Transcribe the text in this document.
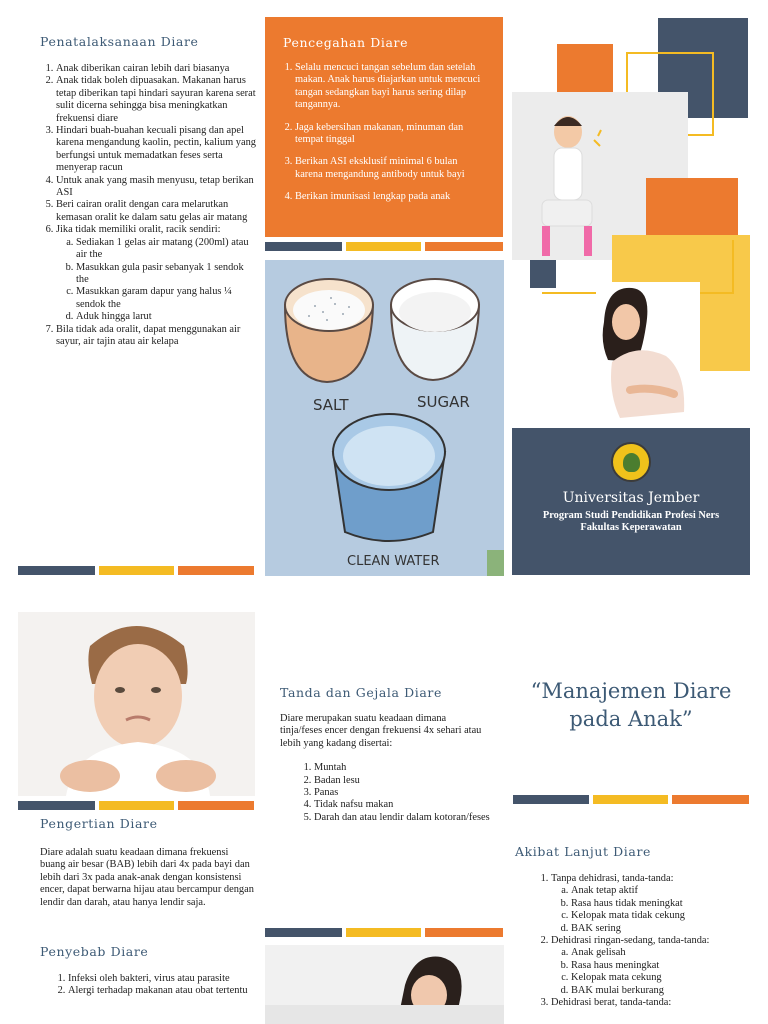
Penatalaksanaan Diare
1. Anak diberikan cairan lebih dari biasanya
2. Anak tidak boleh dipuasakan. Makanan harus tetap diberikan tapi hindari sayuran karena serat sulit dicerna sehingga bisa meningkatkan frekuensi diare
3. Hindari buah-buahan kecuali pisang dan apel karena mengandung kaolin, pectin, kalium yang berfungsi untuk memadatkan feses serta menyerap racun
4. Untuk anak yang masih menyusu, tetap berikan ASI
5. Beri cairan oralit dengan cara melarutkan kemasan oralit ke dalam satu gelas air matang
6. Jika tidak memiliki oralit, racik sendiri:
a. Sediakan 1 gelas air matang (200ml) atau air the
b. Masukkan gula pasir sebanyak 1 sendok the
c. Masukkan garam dapur yang halus ¼ sendok the
d. Aduk hingga larut
7. Bila tidak ada oralit, dapat menggunakan air sayur, air tajin atau air kelapa
Pencegahan Diare
1. Selalu mencuci tangan sebelum dan setelah makan. Anak harus diajarkan untuk mencuci tangan sedangkan bayi harus sering dilap tangannya.
2. Jaga kebersihan makanan, minuman dan tempat tinggal
3. Berikan ASI eksklusif minimal 6 bulan karena mengandung antibody untuk bayi
4. Berikan imunisasi lengkap pada anak
SALT	SUGAR
CLEAN WATER
Universitas Jember
Program Studi Pendidikan Profesi Ners
Fakultas Keperawatan
Pengertian Diare

Diare adalah suatu keadaan dimana frekuensi buang air besar (BAB) lebih dari 4x pada bayi dan lebih dari 3x pada anak-anak dengan konsistensi encer, dapat berwarna hijau atau bercampur dengan lendir dan darah, atau hanya lendir saja.

Penyebab Diare
1. Infeksi oleh bakteri, virus atau parasite
2. Alergi terhadap makanan atau obat tertentu
Tanda dan Gejala Diare

Diare merupakan suatu keadaan dimana tinja/feses encer dengan frekuensi 4x sehari atau lebih yang kadang disertai:

1. Muntah
2. Badan lesu
3. Panas
4. Tidak nafsu makan
5. Darah dan atau lendir dalam kotoran/feses
“Manajemen Diare pada Anak”
Akibat Lanjut Diare
1. Tanpa dehidrasi, tanda-tanda:
a. Anak tetap aktif
b. Rasa haus tidak meningkat
c. Kelopak mata tidak cekung
d. BAK sering
2. Dehidrasi ringan-sedang, tanda-tanda:
a. Anak gelisah
b. Rasa haus meningkat
c. Kelopak mata cekung
d. BAK mulai berkurang
3. Dehidrasi berat, tanda-tanda:
